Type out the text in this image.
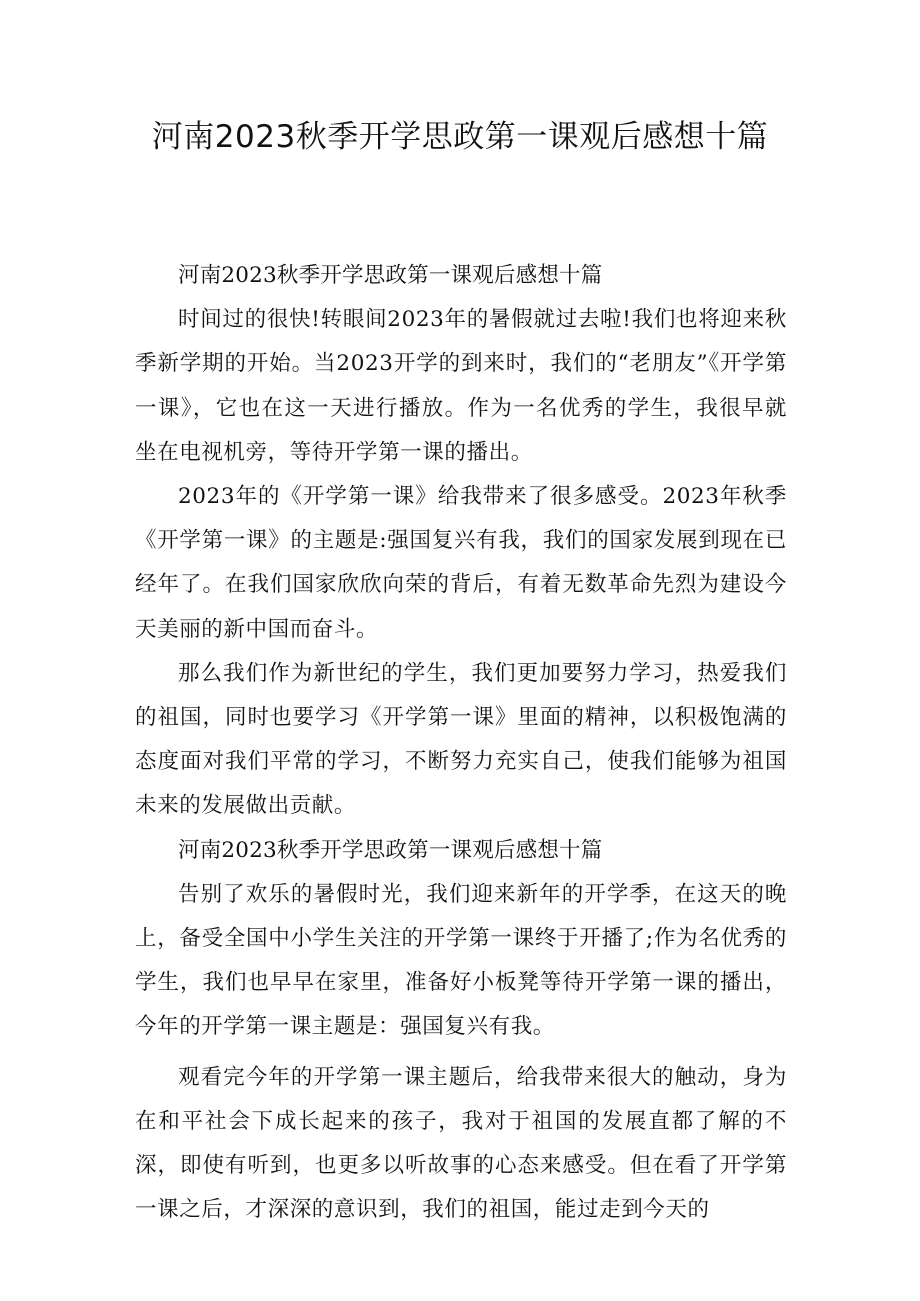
河南2023秋季开学思政第一课观后感想十篇

河南2023秋季开学思政第一课观后感想十篇

时间过的很快!转眼间2023年的暑假就过去啦!我们也将迎来秋季新学期的开始。当2023开学的到来时，我们的“老朋友”《开学第一课》，它也在这一天进行播放。作为一名优秀的学生，我很早就坐在电视机旁，等待开学第一课的播出。

2023年的《开学第一课》给我带来了很多感受。2023年秋季《开学第一课》的主题是:强国复兴有我，我们的国家发展到现在已经年了。在我们国家欣欣向荣的背后，有着无数革命先烈为建设今天美丽的新中国而奋斗。

那么我们作为新世纪的学生，我们更加要努力学习，热爱我们的祖国，同时也要学习《开学第一课》里面的精神，以积极饱满的态度面对我们平常的学习，不断努力充实自己，使我们能够为祖国未来的发展做出贡献。

河南2023秋季开学思政第一课观后感想十篇

告别了欢乐的暑假时光，我们迎来新年的开学季，在这天的晚上，备受全国中小学生关注的开学第一课终于开播了;作为名优秀的学生，我们也早早在家里，准备好小板凳等待开学第一课的播出，今年的开学第一课主题是：强国复兴有我。

观看完今年的开学第一课主题后，给我带来很大的触动，身为在和平社会下成长起来的孩子，我对于祖国的发展直都了解的不深，即使有听到，也更多以听故事的心态来感受。但在看了开学第一课之后，才深深的意识到，我们的祖国，能过走到今天的
